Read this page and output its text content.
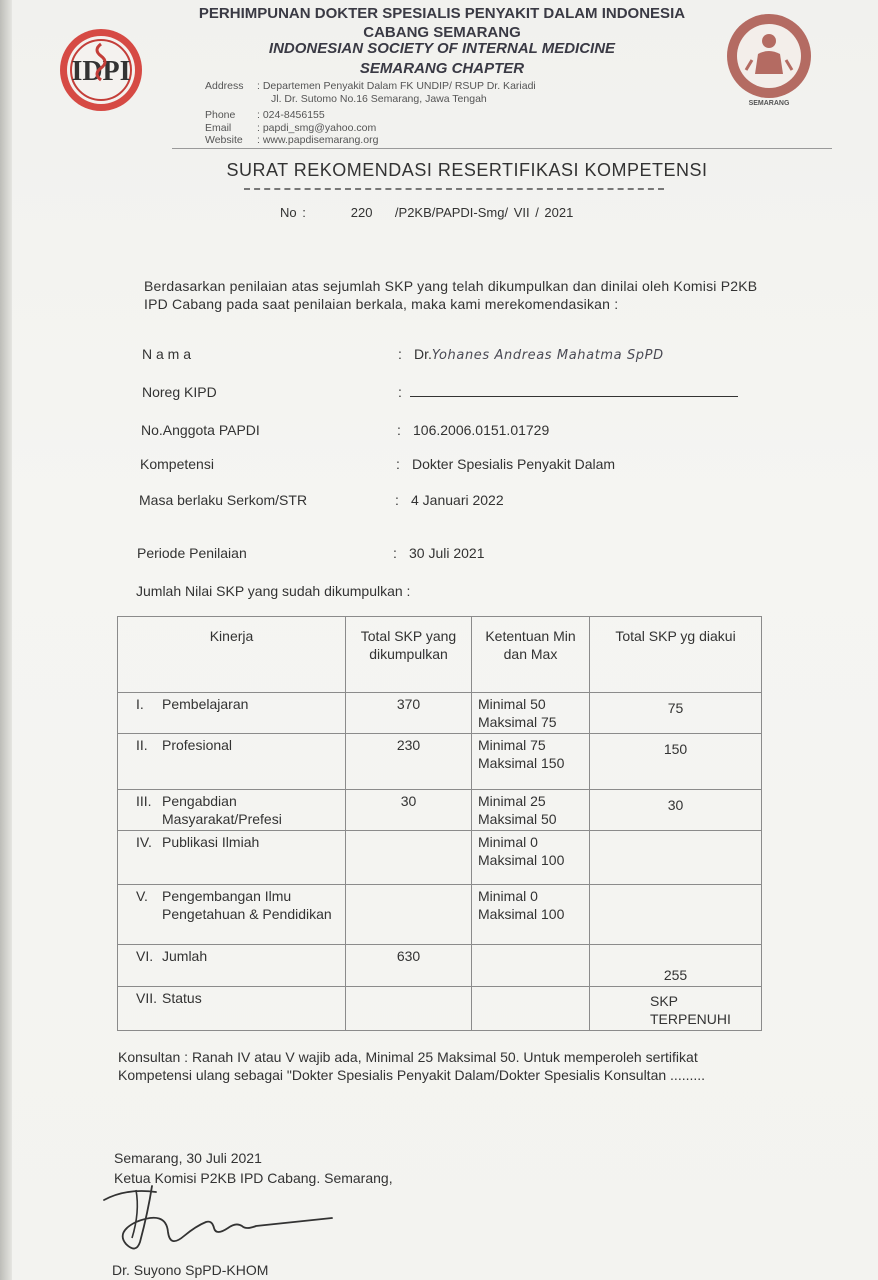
IDPI
SEMARANG
PERHIMPUNAN DOKTER SPESIALIS PENYAKIT DALAM INDONESIA
CABANG SEMARANG
INDONESIAN SOCIETY OF INTERNAL MEDICINE
SEMARANG CHAPTER
Address : Departemen Penyakit Dalam FK UNDIP/ RSUP Dr. Kariadi
Jl. Dr. Sutomo No.16 Semarang, Jawa Tengah
Phone : 024-8456155
Email : papdi_smg@yahoo.com
Website : www.papdisemarang.org
SURAT REKOMENDASI RESERTIFIKASI KOMPETENSI
No :	220 /P2KB/PAPDI-Smg/ VII / 2021
Berdasarkan penilaian atas sejumlah SKP yang telah dikumpulkan dan dinilai oleh Komisi P2KB IPD Cabang pada saat penilaian berkala, maka kami merekomendasikan :
N a m a	: Dr.Yohanes Andreas Mahatma SpPD
Noreg KIPD	:
No.Anggota PAPDI	: 106.2006.0151.01729
Kompetensi	: Dokter Spesialis Penyakit Dalam
Masa berlaku Serkom/STR	: 4 Januari 2022
Periode Penilaian	: 30 Juli 2021
Jumlah Nilai SKP yang sudah dikumpulkan :
Kinerja	Total SKP yang dikumpulkan	Ketentuan Min dan Max	Total SKP yg diakui
I. Pembelajaran	370	Minimal 50 Maksimal 75	75
II. Profesional	230	Minimal 75 Maksimal 150	150

III. Pengabdian Masyarakat/Prefesi	30	Minimal 25 Maksimal 50	30
IV. Publikasi Ilmiah		Minimal 0 Maksimal 100	

V. Pengembangan Ilmu Pengetahuan & Pendidikan		Minimal 0 Maksimal 100	
VI. Jumlah	630		255
VII. Status			SKP TERPENUHI
Konsultan : Ranah IV atau V wajib ada, Minimal 25 Maksimal 50. Untuk memperoleh sertifikat Kompetensi ulang sebagai "Dokter Spesialis Penyakit Dalam/Dokter Spesialis Konsultan .........
Semarang, 30 Juli 2021
Ketua Komisi P2KB IPD Cabang. Semarang,
Dr. Suyono SpPD-KHOM
